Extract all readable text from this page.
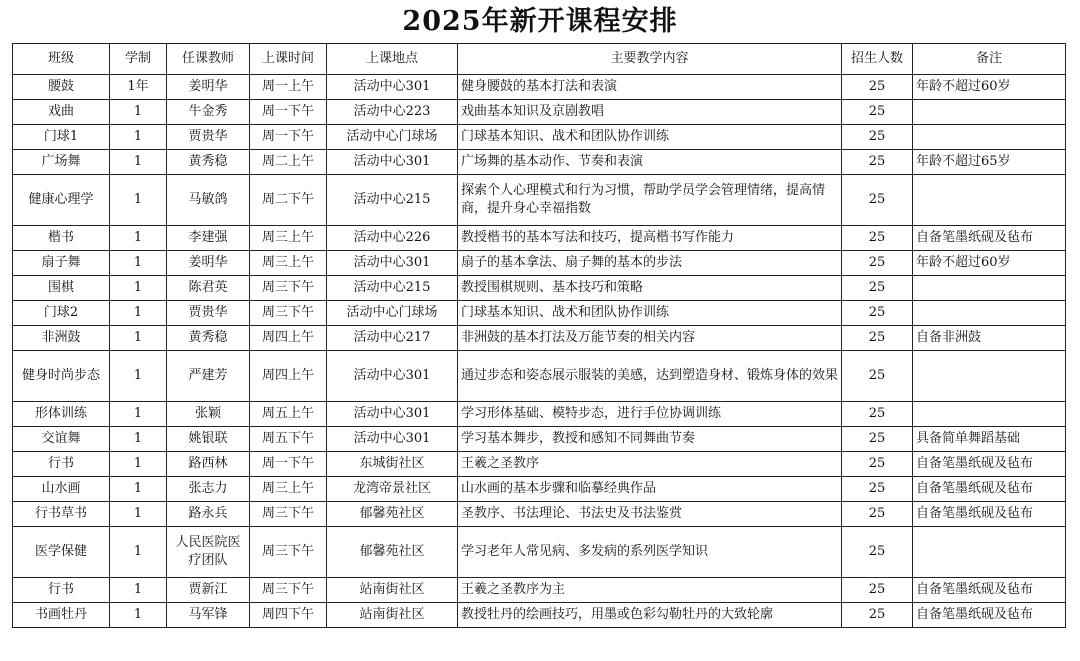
2025年新开课程安排
班级	学制	任课教师	上课时间	上课地点	主要教学内容	招生人数	备注
腰鼓	1年	姜明华	周一上午	活动中心301	健身腰鼓的基本打法和表演	25	年龄不超过60岁
戏曲	1	牛金秀	周一下午	活动中心223	戏曲基本知识及京剧教唱	25	
门球1	1	贾贵华	周一下午	活动中心门球场	门球基本知识、战术和团队协作训练	25	
广场舞	1	黄秀稳	周二上午	活动中心301	广场舞的基本动作、节奏和表演	25	年龄不超过65岁
健康心理学	1	马敏鸽	周二下午	活动中心215	探索个人心理模式和行为习惯，帮助学员学会管理情绪，提高情商，提升身心幸福指数	25	
楷书	1	李建强	周三上午	活动中心226	教授楷书的基本写法和技巧，提高楷书写作能力	25	自备笔墨纸砚及毡布
扇子舞	1	姜明华	周三上午	活动中心301	扇子的基本拿法、扇子舞的基本的步法	25	年龄不超过60岁
围棋	1	陈君英	周三下午	活动中心215	教授围棋规则、基本技巧和策略	25	
门球2	1	贾贵华	周三下午	活动中心门球场	门球基本知识、战术和团队协作训练	25	
非洲鼓	1	黄秀稳	周四上午	活动中心217	非洲鼓的基本打法及万能节奏的相关内容	25	自备非洲鼓
健身时尚步态	1	严建芳	周四上午	活动中心301	通过步态和姿态展示服装的美感，达到塑造身材、锻炼身体的效果	25	
形体训练	1	张颖	周五上午	活动中心301	学习形体基础、模特步态，进行手位协调训练	25	
交谊舞	1	姚银联	周五下午	活动中心301	学习基本舞步，教授和感知不同舞曲节奏	25	具备简单舞蹈基础
行书	1	路西林	周一下午	东城街社区	王羲之圣教序	25	自备笔墨纸砚及毡布
山水画	1	张志力	周三上午	龙湾帝景社区	山水画的基本步骤和临摹经典作品	25	自备笔墨纸砚及毡布
行书草书	1	路永兵	周三下午	郁馨苑社区	圣教序、书法理论、书法史及书法鉴赏	25	自备笔墨纸砚及毡布
医学保健	1	人民医院医疗团队	周三下午	郁馨苑社区	学习老年人常见病、多发病的系列医学知识	25	
行书	1	贾新江	周三下午	站南街社区	王羲之圣教序为主	25	自备笔墨纸砚及毡布
书画牡丹	1	马军锋	周四下午	站南街社区	教授牡丹的绘画技巧，用墨或色彩勾勒牡丹的大致轮廓	25	自备笔墨纸砚及毡布
